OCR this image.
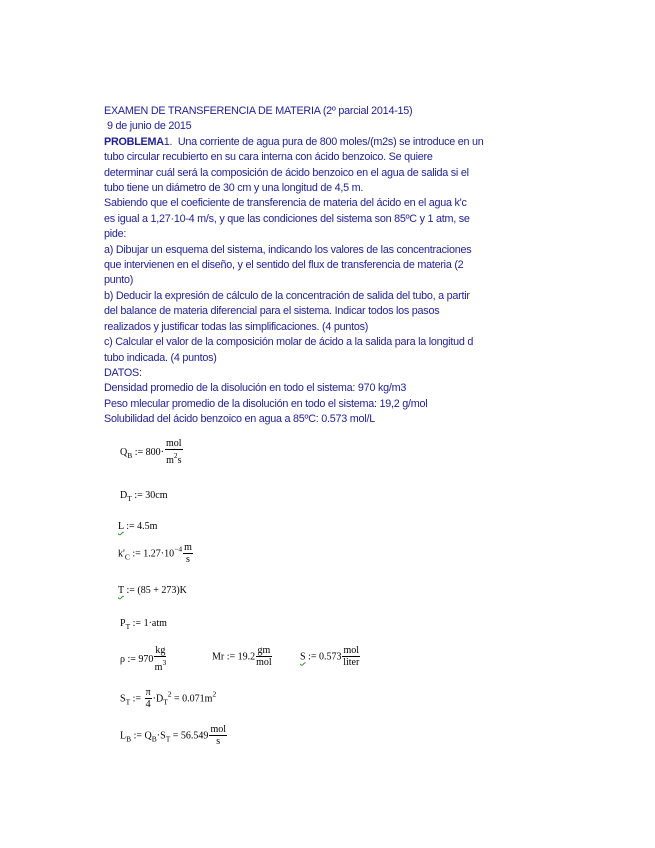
EXAMEN DE TRANSFERENCIA DE MATERIA (2º parcial 2014-15)

9 de junio de 2015

PROBLEMA1. Una corriente de agua pura de 800 moles/(m2s) se introduce en un

tubo circular recubierto en su cara interna con ácido benzoico. Se quiere

determinar cuál será la composición de ácido benzoico en el agua de salida si el

tubo tiene un diámetro de 30 cm y una longitud de 4,5 m.

Sabiendo que el coeficiente de transferencia de materia del ácido en el agua k'c

es igual a 1,27·10-4 m/s, y que las condiciones del sistema son 85ºC y 1 atm, se

pide:

a) Dibujar un esquema del sistema, indicando los valores de las concentraciones

que intervienen en el diseño, y el sentido del flux de transferencia de materia (2

punto)

b) Deducir la expresión de cálculo de la concentración de salida del tubo, a partir

del balance de materia diferencial para el sistema. Indicar todos los pasos

realizados y justificar todas las simplificaciones. (4 puntos)

c) Calcular el valor de la composición molar de ácido a la salida para la longitud d

tubo indicada. (4 puntos)

DATOS:

Densidad promedio de la disolución en todo el sistema: 970 kg/m3

Peso mlecular promedio de la disolución en todo el sistema: 19,2 g/mol

Solubilidad del ácido benzoico en agua a 85ºC: 0.573 mol/L

$Q_B$ := $800\cdot \frac{\text{mol}}{m^2s}$
$D_T$ := 30cm
L := 4.5m
$k'_C$ := $1.27\cdot 10^{-4} \frac{m}{s}$
T := (85 + 273)K
$P_T$ := 1·atm
ρ := $970 \frac{kg}{m^3}$	Mr := $19.2 \frac{gm}{\text{mol}}$	S := $0.573 \frac{\text{mol}}{\text{liter}}$
$S_T$ := $\frac{\pi}{4} \cdot D_T^2 = 0.071m^2$
$L_B$ := $Q_B\cdot S_T = 56.549 \frac{\text{mol}}{s}$
